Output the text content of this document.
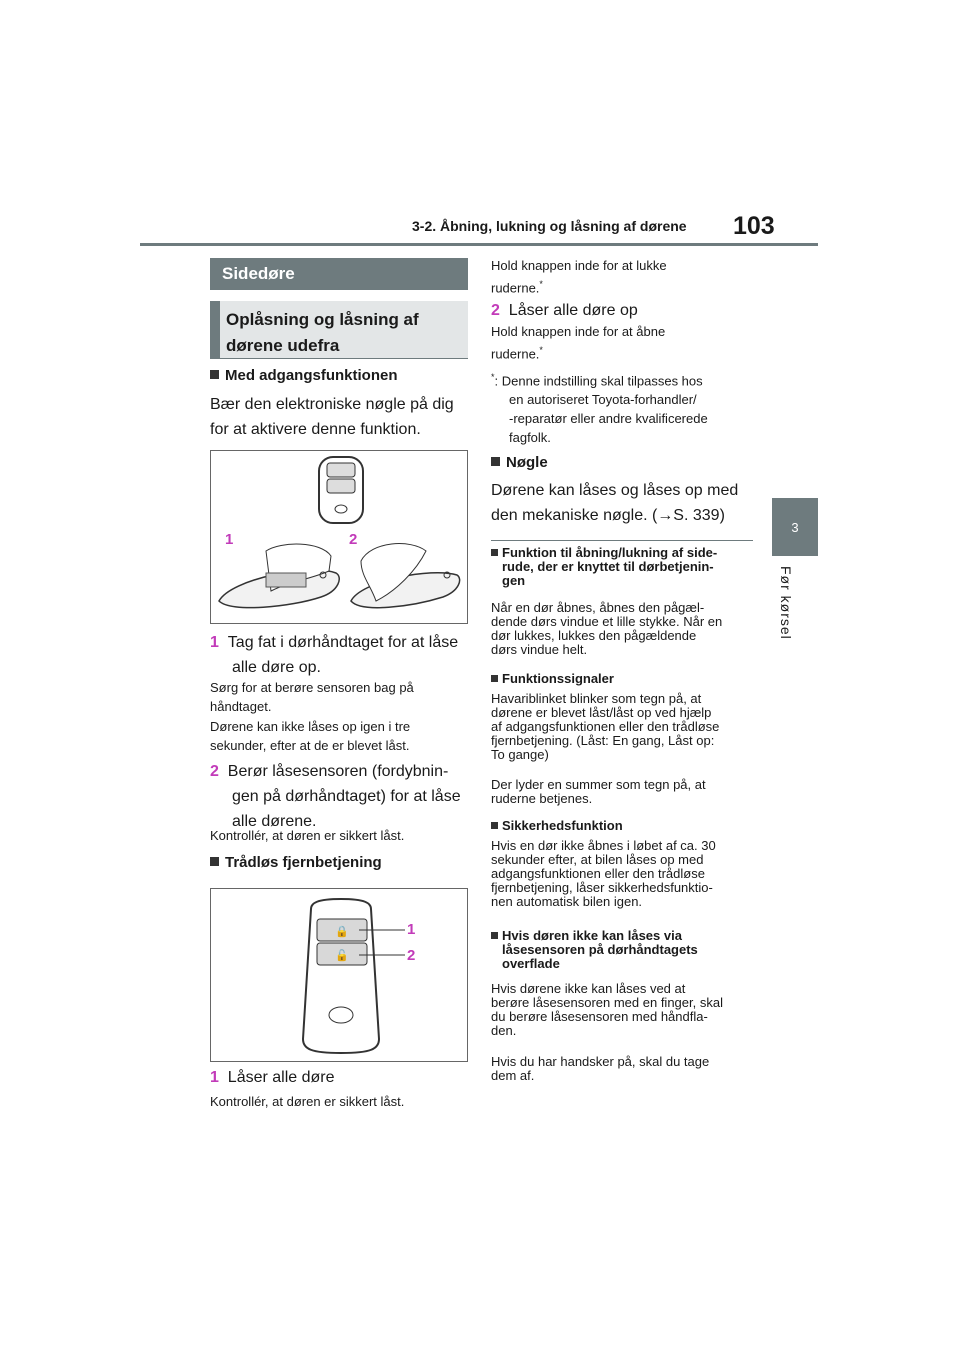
3-2. Åbning, lukning og låsning af dørene 103
3
Før kørsel
Sidedøre
Oplåsning og låsning af
dørene udefra
Med adgangsfunktionen
Bær den elektroniske nøgle på dig
for at aktivere denne funktion.
1	2
1 Tag fat i dørhåndtaget for at låse
alle døre op.
Sørg for at berøre sensoren bag på
håndtaget.
Dørene kan ikke låses op igen i tre
sekunder, efter at de er blevet låst.
2 Berør låsesensoren (fordybnin-
gen på dørhåndtaget) for at låse
alle dørene.
Kontrollér, at døren er sikkert låst.
Trådløs fjernbetjening
🔒
🔓
1
2
1 Låser alle døre
Kontrollér, at døren er sikkert låst.
Hold knappen inde for at lukke
ruderne.*
2 Låser alle døre op
Hold knappen inde for at åbne
ruderne.*
*: Denne indstilling skal tilpasses hos
en autoriseret Toyota-forhandler/
-reparatør eller andre kvalificerede
fagfolk.
Nøgle
Dørene kan låses og låses op med
den mekaniske nøgle. (→S. 339)
Funktion til åbning/lukning af side-
rude, der er knyttet til dørbetjenin-
gen
Når en dør åbnes, åbnes den pågæl-
dende dørs vindue et lille stykke. Når en
dør lukkes, lukkes den pågældende
dørs vindue helt.
Funktionssignaler
Havariblinket blinker som tegn på, at
dørene er blevet låst/låst op ved hjælp
af adgangsfunktionen eller den trådløse
fjernbetjening. (Låst: En gang, Låst op:
To gange)
Der lyder en summer som tegn på, at
ruderne betjenes.
Sikkerhedsfunktion
Hvis en dør ikke åbnes i løbet af ca. 30
sekunder efter, at bilen låses op med
adgangsfunktionen eller den trådløse
fjernbetjening, låser sikkerhedsfunktio-
nen automatisk bilen igen.
Hvis døren ikke kan låses via
låsesensoren på dørhåndtagets
overflade
Hvis dørene ikke kan låses ved at
berøre låsesensoren med en finger, skal
du berøre låsesensoren med håndfla-
den.
Hvis du har handsker på, skal du tage
dem af.
